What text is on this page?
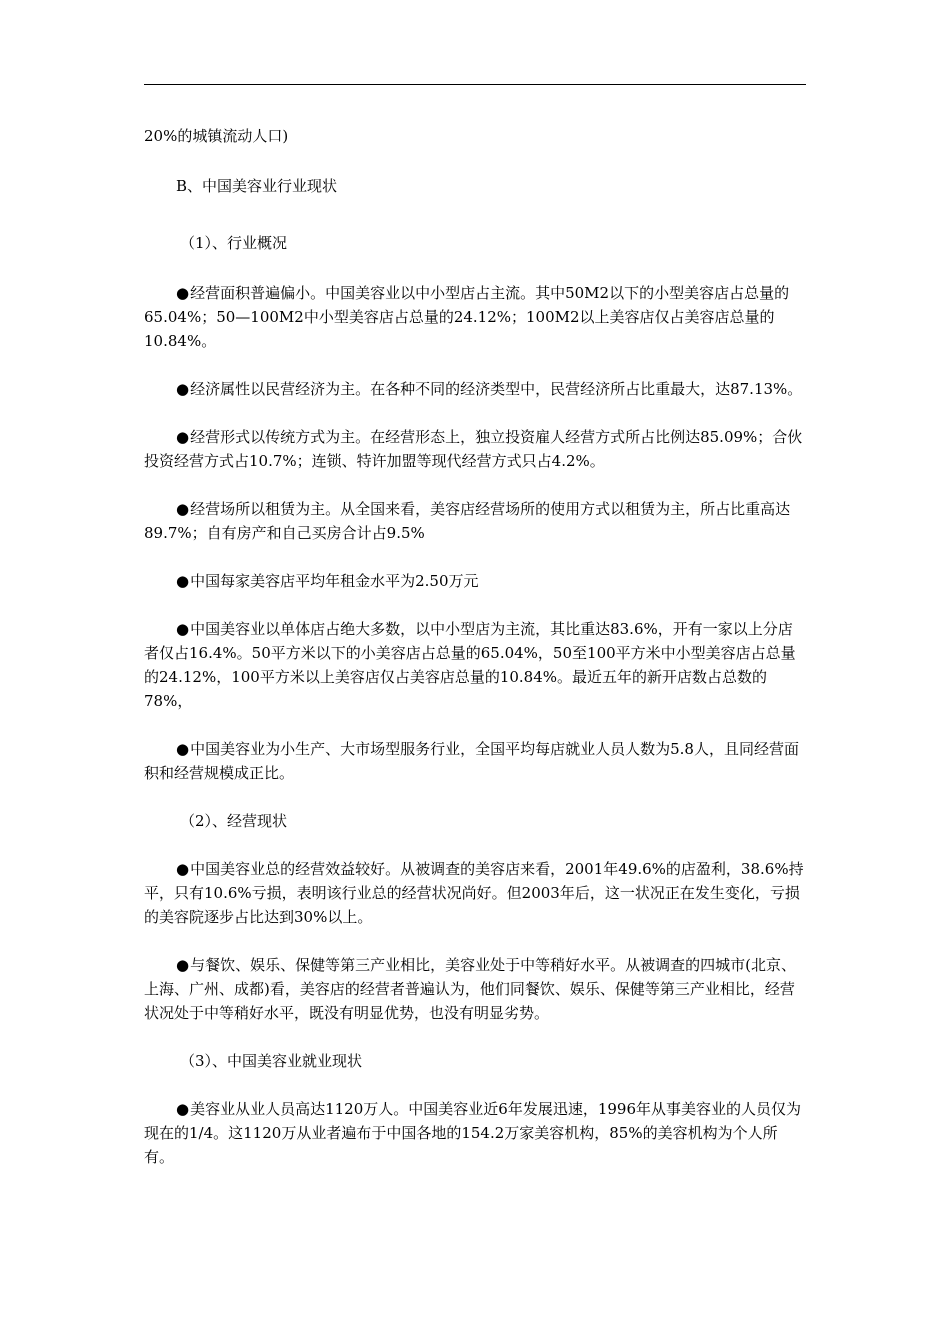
20%的城镇流动人口)

B、中国美容业行业现状

（1）、行业概况

●经营面积普遍偏小。中国美容业以中小型店占主流。其中50M2以下的小型美容店占总量的65.04%；50—100M2中小型美容店占总量的24.12%；100M2以上美容店仅占美容店总量的10.84%。

●经济属性以民营经济为主。在各种不同的经济类型中，民营经济所占比重最大，达87.13%。

●经营形式以传统方式为主。在经营形态上，独立投资雇人经营方式所占比例达85.09%；合伙投资经营方式占10.7%；连锁、特许加盟等现代经营方式只占4.2%。

●经营场所以租赁为主。从全国来看，美容店经营场所的使用方式以租赁为主，所占比重高达89.7%；自有房产和自己买房合计占9.5%

●中国每家美容店平均年租金水平为2.50万元

●中国美容业以单体店占绝大多数，以中小型店为主流，其比重达83.6%，开有一家以上分店者仅占16.4%。50平方米以下的小美容店占总量的65.04%，50至100平方米中小型美容店占总量的24.12%，100平方米以上美容店仅占美容店总量的10.84%。最近五年的新开店数占总数的78%，

●中国美容业为小生产、大市场型服务行业，全国平均每店就业人员人数为5.8人，且同经营面积和经营规模成正比。

（2）、经营现状

●中国美容业总的经营效益较好。从被调查的美容店来看，2001年49.6%的店盈利，38.6%持平，只有10.6%亏损，表明该行业总的经营状况尚好。但2003年后，这一状况正在发生变化，亏损的美容院逐步占比达到30%以上。

●与餐饮、娱乐、保健等第三产业相比，美容业处于中等稍好水平。从被调查的四城市(北京、上海、广州、成都)看，美容店的经营者普遍认为，他们同餐饮、娱乐、保健等第三产业相比，经营状况处于中等稍好水平，既没有明显优势，也没有明显劣势。

（3）、中国美容业就业现状

●美容业从业人员高达1120万人。中国美容业近6年发展迅速，1996年从事美容业的人员仅为现在的1/4。这1120万从业者遍布于中国各地的154.2万家美容机构，85%的美容机构为个人所有。
